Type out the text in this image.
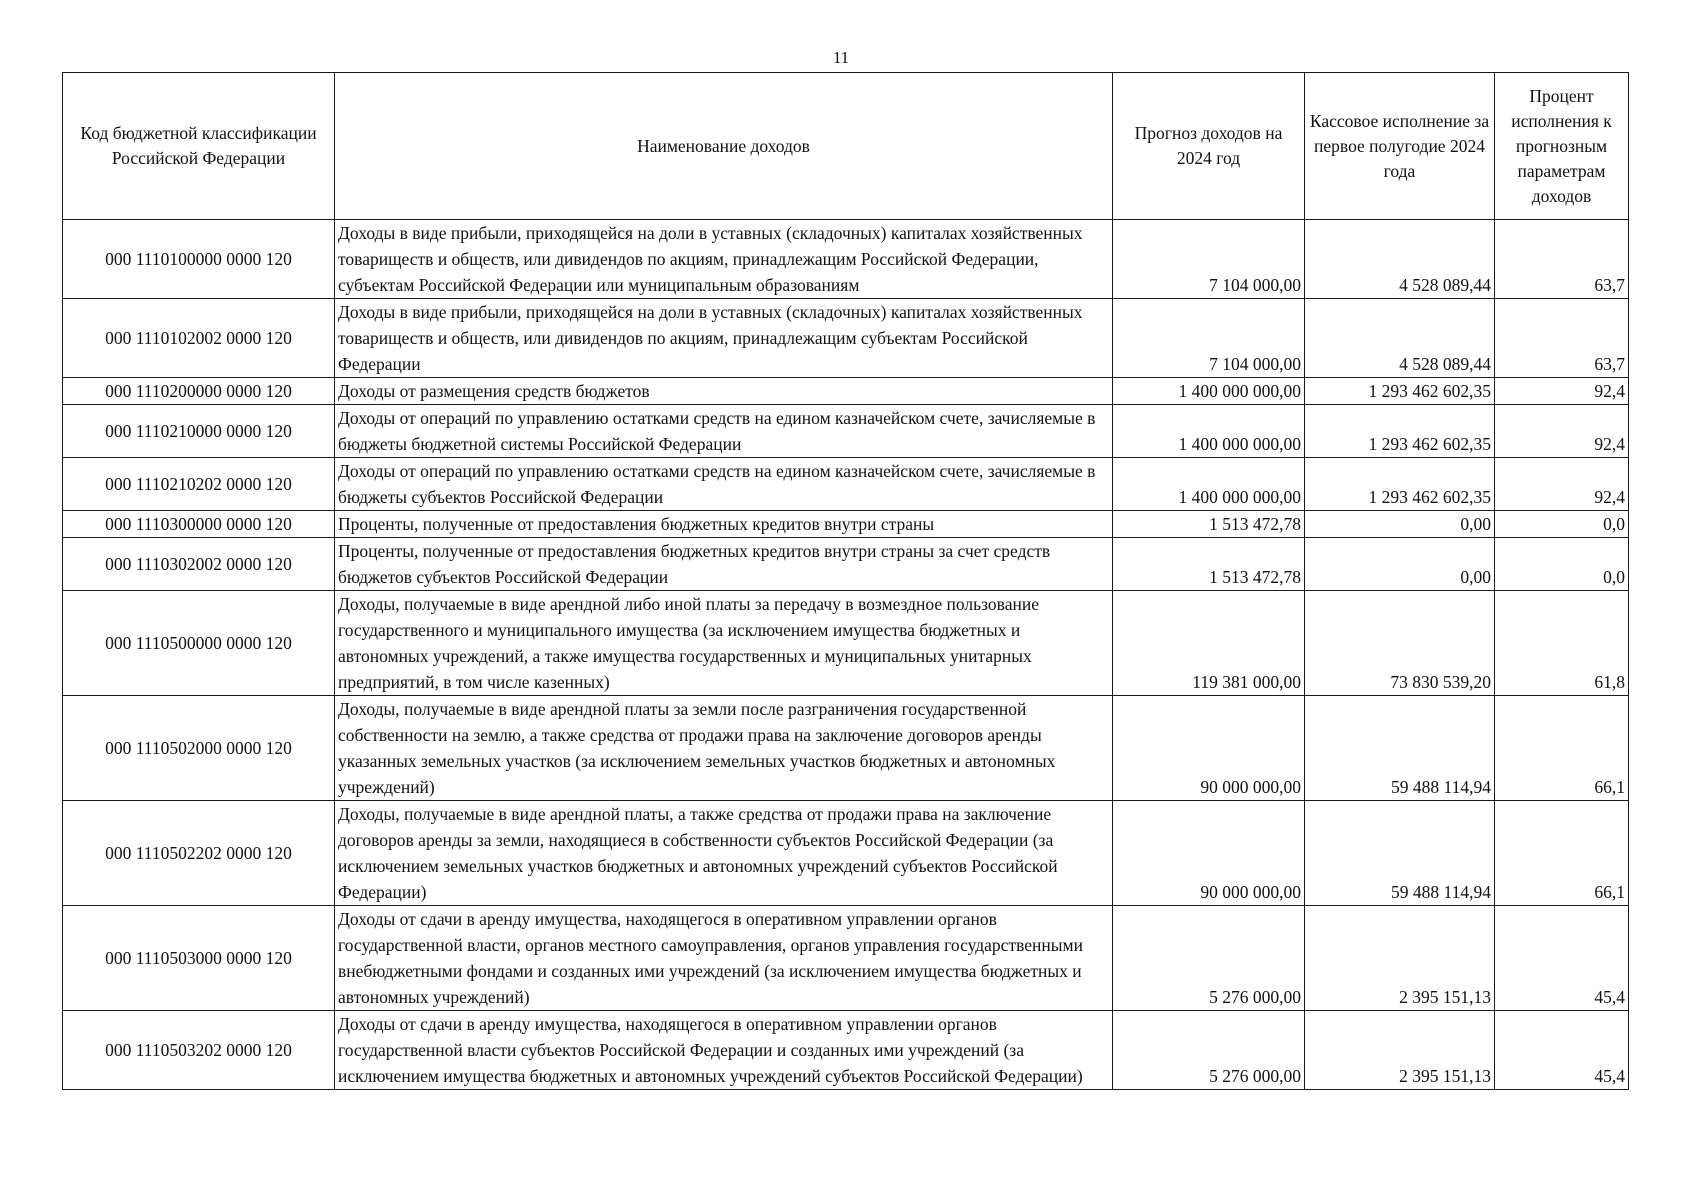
11
Код бюджетной классификации Российской Федерации	Наименование доходов	Прогноз доходов на 2024 год	Кассовое исполнение за первое полугодие 2024 года	Процент исполнения к прогнозным параметрам доходов
000 1110100000 0000 120	Доходы в виде прибыли, приходящейся на доли в уставных (складочных) капиталах хозяйственных товариществ и обществ, или дивидендов по акциям, принадлежащим Российской Федерации, субъектам Российской Федерации или муниципальным образованиям	7 104 000,00	4 528 089,44	63,7
000 1110102002 0000 120	Доходы в виде прибыли, приходящейся на доли в уставных (складочных) капиталах хозяйственных товариществ и обществ, или дивидендов по акциям, принадлежащим субъектам Российской Федерации	7 104 000,00	4 528 089,44	63,7
000 1110200000 0000 120	Доходы от размещения средств бюджетов	1 400 000 000,00	1 293 462 602,35	92,4
000 1110210000 0000 120	Доходы от операций по управлению остатками средств на едином казначейском счете, зачисляемые в бюджеты бюджетной системы Российской Федерации	1 400 000 000,00	1 293 462 602,35	92,4
000 1110210202 0000 120	Доходы от операций по управлению остатками средств на едином казначейском счете, зачисляемые в бюджеты субъектов Российской Федерации	1 400 000 000,00	1 293 462 602,35	92,4
000 1110300000 0000 120	Проценты, полученные от предоставления бюджетных кредитов внутри страны	1 513 472,78	0,00	0,0
000 1110302002 0000 120	Проценты, полученные от предоставления бюджетных кредитов внутри страны за счет средств бюджетов субъектов Российской Федерации	1 513 472,78	0,00	0,0
000 1110500000 0000 120	Доходы, получаемые в виде арендной либо иной платы за передачу в возмездное пользование государственного и муниципального имущества (за исключением имущества бюджетных и автономных учреждений, а также имущества государственных и муниципальных унитарных предприятий, в том числе казенных)	119 381 000,00	73 830 539,20	61,8
000 1110502000 0000 120	Доходы, получаемые в виде арендной платы за земли после разграничения государственной собственности на землю, а также средства от продажи права на заключение договоров аренды указанных земельных участков (за исключением земельных участков бюджетных и автономных учреждений)	90 000 000,00	59 488 114,94	66,1
000 1110502202 0000 120	Доходы, получаемые в виде арендной платы, а также средства от продажи права на заключение договоров аренды за земли, находящиеся в собственности субъектов Российской Федерации (за исключением земельных участков бюджетных и автономных учреждений субъектов Российской Федерации)	90 000 000,00	59 488 114,94	66,1
000 1110503000 0000 120	Доходы от сдачи в аренду имущества, находящегося в оперативном управлении органов государственной власти, органов местного самоуправления, органов управления государственными внебюджетными фондами и созданных ими учреждений (за исключением имущества бюджетных и автономных учреждений)	5 276 000,00	2 395 151,13	45,4
000 1110503202 0000 120	Доходы от сдачи в аренду имущества, находящегося в оперативном управлении органов государственной власти субъектов Российской Федерации и созданных ими учреждений (за исключением имущества бюджетных и автономных учреждений субъектов Российской Федерации)	5 276 000,00	2 395 151,13	45,4
